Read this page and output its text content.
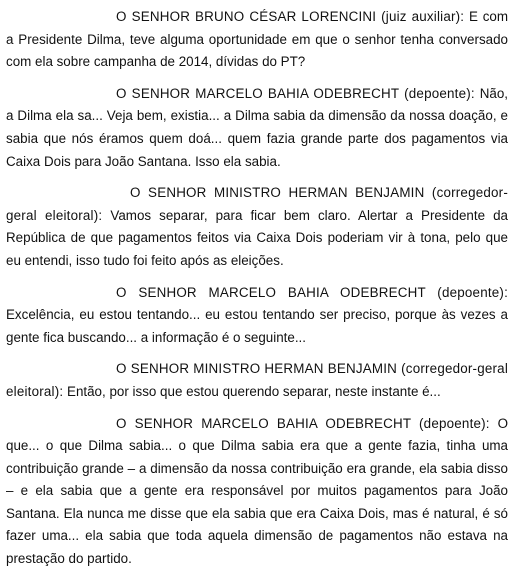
O SENHOR BRUNO CÉSAR LORENCINI (juiz auxiliar): E com a Presidente Dilma, teve alguma oportunidade em que o senhor tenha conversado com ela sobre campanha de 2014, dívidas do PT?

O SENHOR MARCELO BAHIA ODEBRECHT (depoente): Não, a Dilma ela sa... Veja bem, existia... a Dilma sabia da dimensão da nossa doação, e sabia que nós éramos quem doá... quem fazia grande parte dos pagamentos via Caixa Dois para João Santana. Isso ela sabia.

O SENHOR MINISTRO HERMAN BENJAMIN (corregedor-geral eleitoral): Vamos separar, para ficar bem claro. Alertar a Presidente da República de que pagamentos feitos via Caixa Dois poderiam vir à tona, pelo que eu entendi, isso tudo foi feito após as eleições.

O SENHOR MARCELO BAHIA ODEBRECHT (depoente): Excelência, eu estou tentando... eu estou tentando ser preciso, porque às vezes a gente fica buscando... a informação é o seguinte...

O SENHOR MINISTRO HERMAN BENJAMIN (corregedor-geral eleitoral): Então, por isso que estou querendo separar, neste instante é...

O SENHOR MARCELO BAHIA ODEBRECHT (depoente): O que... o que Dilma sabia... o que Dilma sabia era que a gente fazia, tinha uma contribuição grande – a dimensão da nossa contribuição era grande, ela sabia disso – e ela sabia que a gente era responsável por muitos pagamentos para João Santana. Ela nunca me disse que ela sabia que era Caixa Dois, mas é natural, é só fazer uma... ela sabia que toda aquela dimensão de pagamentos não estava na prestação do partido.
